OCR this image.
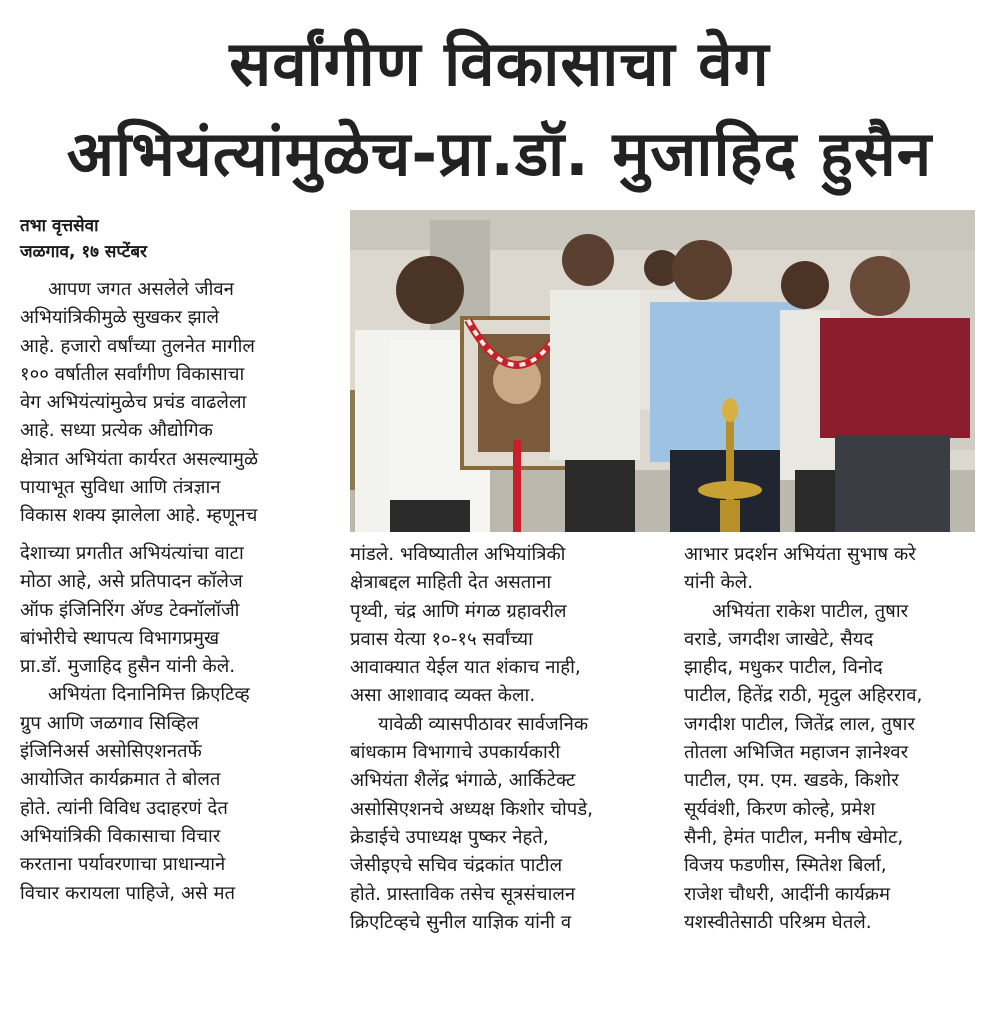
सर्वांगीण विकासाचा वेग
अभियंत्यांमुळेच-प्रा.डॉ. मुजाहिद हुसैन
तभा वृत्तसेवा
जळगाव, १७ सप्टेंबर

आपण जगत असलेले जीवन

अभियांत्रिकीमुळे सुखकर झाले

आहे. हजारो वर्षांच्या तुलनेत मागील

१०० वर्षातील सर्वांगीण विकासाचा

वेग अभियंत्यांमुळेच प्रचंड वाढलेला

आहे. सध्या प्रत्येक औद्योगिक

क्षेत्रात अभियंता कार्यरत असल्यामुळे

पायाभूत सुविधा आणि तंत्रज्ञान

विकास शक्य झालेला आहे. म्हणूनच

देशाच्या प्रगतीत अभियंत्यांचा वाटा

मोठा आहे, असे प्रतिपादन कॉलेज

ऑफ इंजिनिरिंग अ‍ॅण्ड टेक्नॉलॉजी

बांभोरीचे स्थापत्य विभागप्रमुख

प्रा.डॉ. मुजाहिद हुसैन यांनी केले.

अभियंता दिनानिमित्त क्रिएटिव्ह

ग्रुप आणि जळगाव सिव्हिल

इंजिनिअर्स असोसिएशनतर्फे

आयोजित कार्यक्रमात ते बोलत

होते. त्यांनी विविध उदाहरणं देत

अभियांत्रिकी विकासाचा विचार

करताना पर्यावरणाचा प्राधान्याने

विचार करायला पाहिजे, असे मत

मांडले. भविष्यातील अभियांत्रिकी

क्षेत्राबद्दल माहिती देत असताना

पृथ्वी, चंद्र आणि मंगळ ग्रहावरील

प्रवास येत्या १०-१५ सर्वांच्या

आवाक्यात येईल यात शंकाच नाही,

असा आशावाद व्यक्त केला.

यावेळी व्यासपीठावर सार्वजनिक

बांधकाम विभागाचे उपकार्यकारी

अभियंता शैलेंद्र भंगाळे, आर्किटेक्ट

असोसिएशनचे अध्यक्ष किशोर चोपडे,

क्रेडाईचे उपाध्यक्ष पुष्कर नेहते,

जेसीइएचे सचिव चंद्रकांत पाटील

होते. प्रास्ताविक तसेच सूत्रसंचालन

क्रिएटिव्हचे सुनील याज्ञिक यांनी व

आभार प्रदर्शन अभियंता सुभाष करे

यांनी केले.

अभियंता राकेश पाटील, तुषार

वराडे, जगदीश जाखेटे, सैयद

झाहीद, मधुकर पाटील, विनोद

पाटील, हितेंद्र राठी, मृदुल अहिरराव,

जगदीश पाटील, जितेंद्र लाल, तुषार

तोतला अभिजित महाजन ज्ञानेश्वर

पाटील, एम. एम. खडके, किशोर

सूर्यवंशी, किरण कोल्हे, प्रमेश

सैनी, हेमंत पाटील, मनीष खेमोट,

विजय फडणीस, स्मितेश बिर्ला,

राजेश चौधरी, आदींनी कार्यक्रम

यशस्वीतेसाठी परिश्रम घेतले.
